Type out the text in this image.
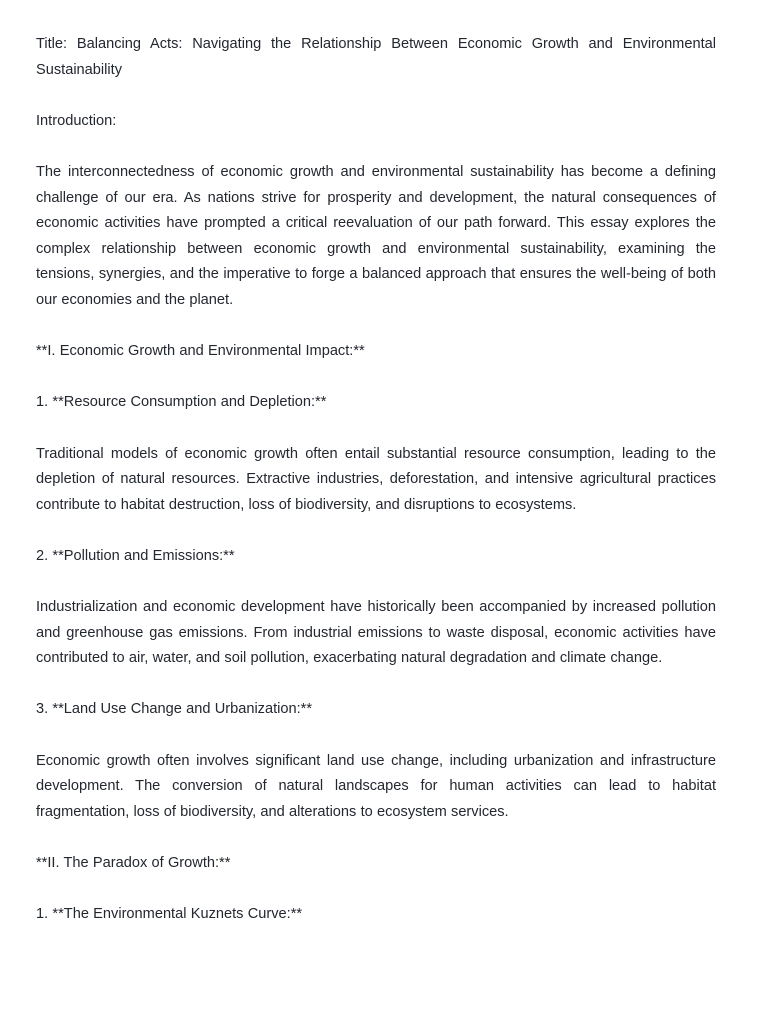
Title: Balancing Acts: Navigating the Relationship Between Economic Growth and Environmental Sustainability

Introduction:

The interconnectedness of economic growth and environmental sustainability has become a defining challenge of our era. As nations strive for prosperity and development, the natural consequences of economic activities have prompted a critical reevaluation of our path forward. This essay explores the complex relationship between economic growth and environmental sustainability, examining the tensions, synergies, and the imperative to forge a balanced approach that ensures the well-being of both our economies and the planet.

**I. Economic Growth and Environmental Impact:**

1. **Resource Consumption and Depletion:**

Traditional models of economic growth often entail substantial resource consumption, leading to the depletion of natural resources. Extractive industries, deforestation, and intensive agricultural practices contribute to habitat destruction, loss of biodiversity, and disruptions to ecosystems.

2. **Pollution and Emissions:**

Industrialization and economic development have historically been accompanied by increased pollution and greenhouse gas emissions. From industrial emissions to waste disposal, economic activities have contributed to air, water, and soil pollution, exacerbating natural degradation and climate change.

3. **Land Use Change and Urbanization:**

Economic growth often involves significant land use change, including urbanization and infrastructure development. The conversion of natural landscapes for human activities can lead to habitat fragmentation, loss of biodiversity, and alterations to ecosystem services.

**II. The Paradox of Growth:**

1. **The Environmental Kuznets Curve:**
